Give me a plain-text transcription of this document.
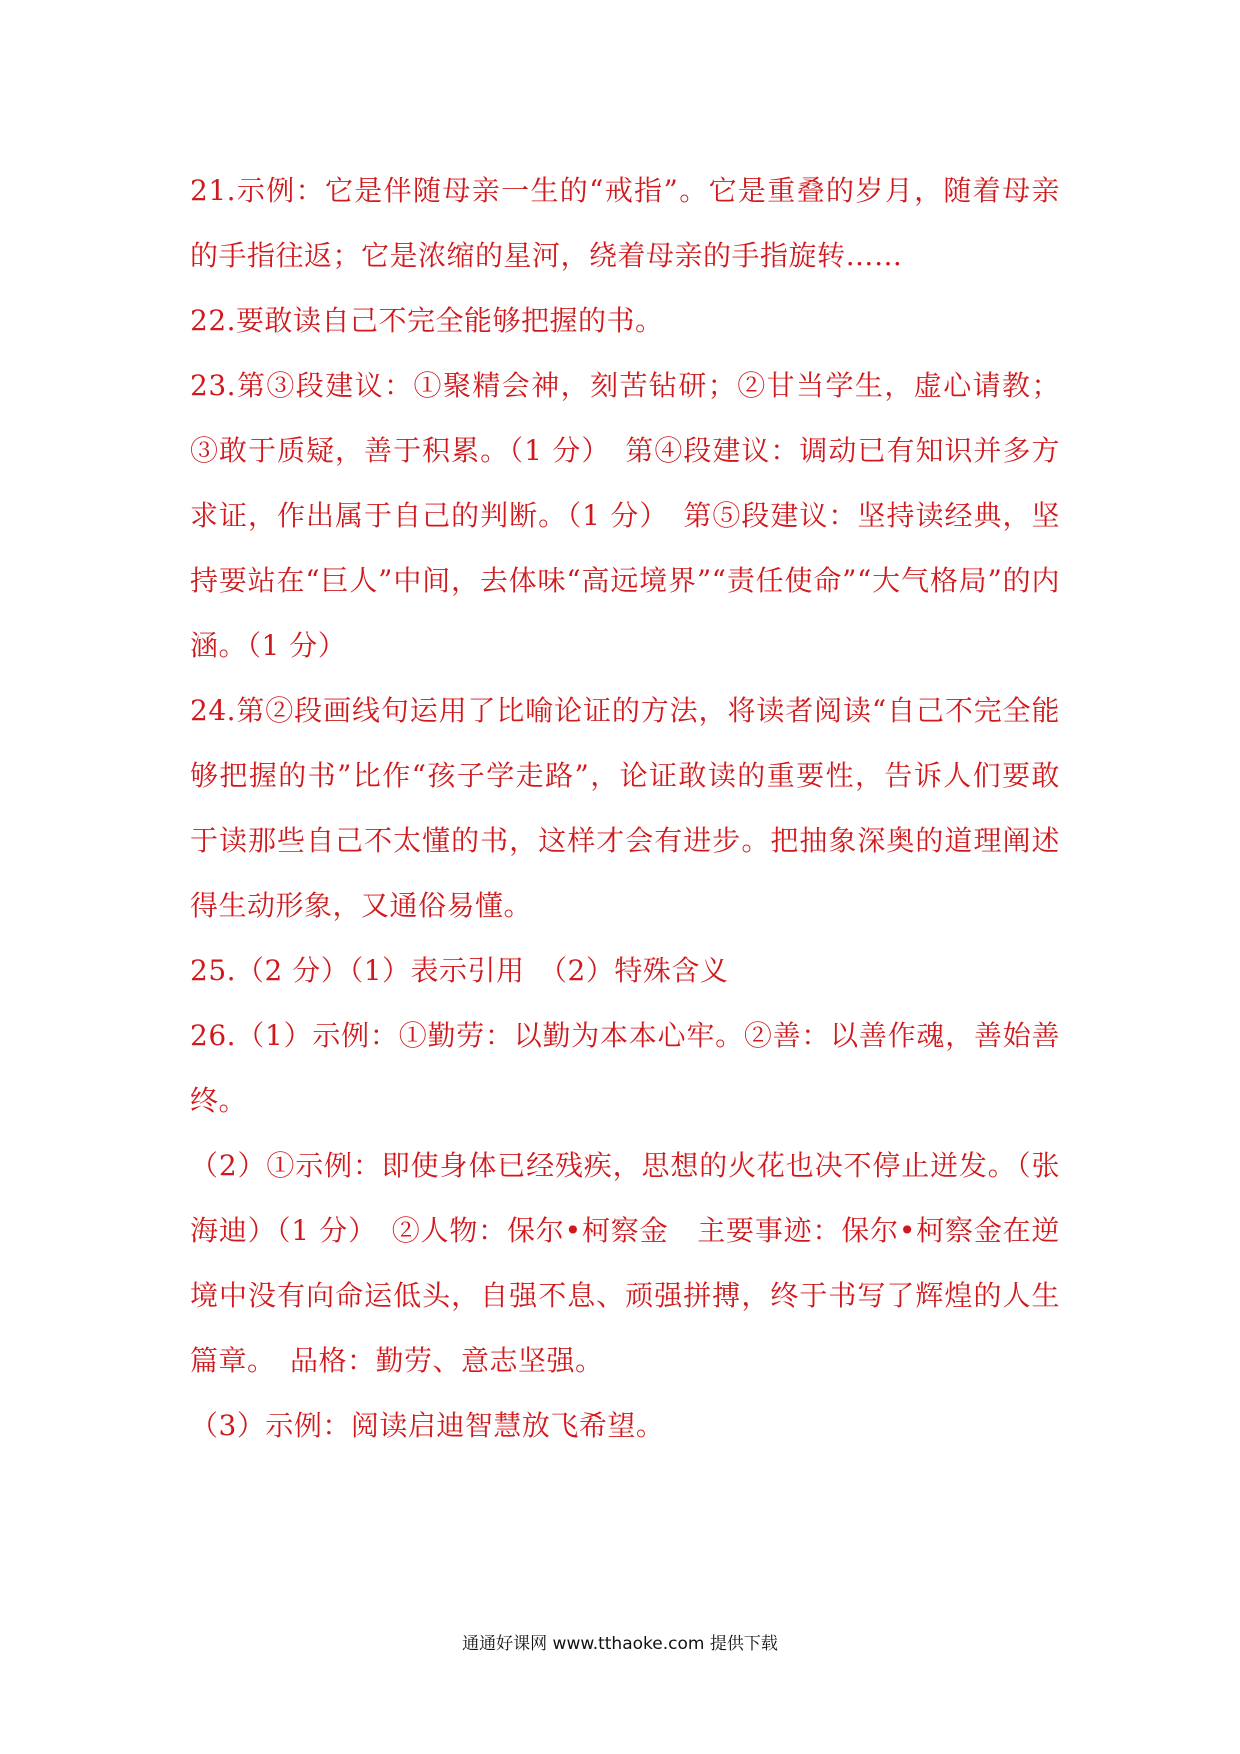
21.示例：它是伴随母亲一生的“戒指”。它是重叠的岁月，随着母亲的手指往返；它是浓缩的星河，绕着母亲的手指旋转……

22.要敢读自己不完全能够把握的书。

23.第③段建议：①聚精会神，刻苦钻研；②甘当学生，虚心请教；③敢于质疑，善于积累。（1 分）　第④段建议：调动已有知识并多方求证，作出属于自己的判断。（1 分）　第⑤段建议：坚持读经典，坚持要站在“巨人”中间，去体味“高远境界”“责任使命”“大气格局”的内涵。（1 分）

24.第②段画线句运用了比喻论证的方法，将读者阅读“自己不完全能够把握的书”比作“孩子学走路”，论证敢读的重要性，告诉人们要敢于读那些自己不太懂的书，这样才会有进步。把抽象深奥的道理阐述得生动形象，又通俗易懂。

25.（2 分）（1）表示引用　（2）特殊含义

26.（1）示例：①勤劳：以勤为本本心牢。②善：以善作魂，善始善终。

（2）①示例：即使身体已经残疾，思想的火花也决不停止迸发。（张海迪）（1 分）　②人物：保尔•柯察金　主要事迹：保尔•柯察金在逆境中没有向命运低头，自强不息、顽强拼搏，终于书写了辉煌的人生篇章。　品格：勤劳、意志坚强。

（3）示例：阅读启迪智慧放飞希望。

通通好课网 www.tthaoke.com 提供下载
